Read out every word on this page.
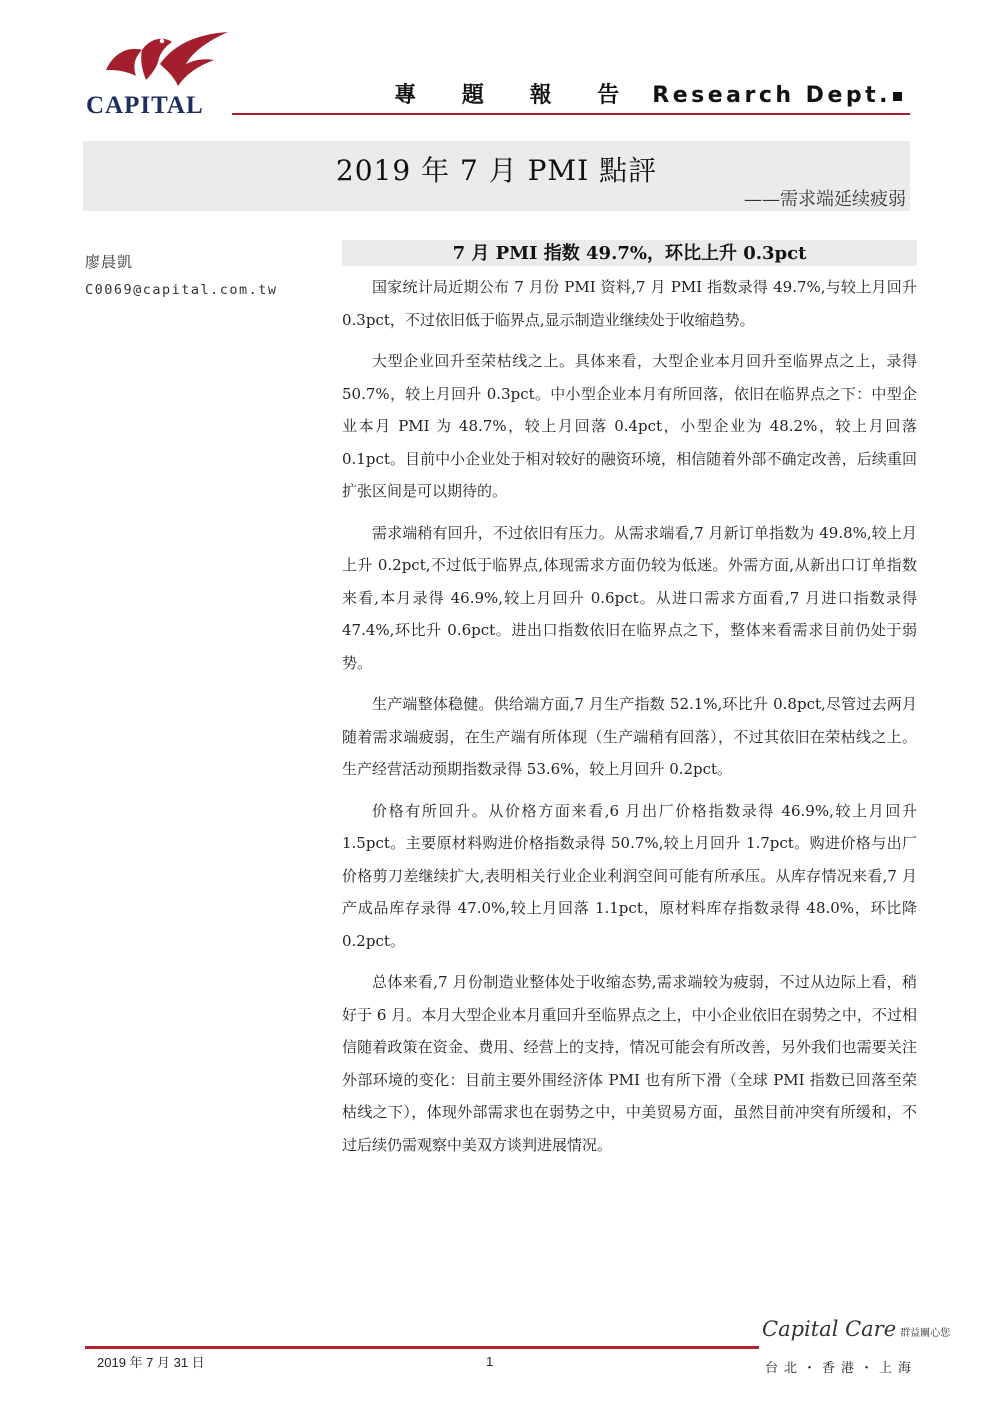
CAPITAL	專 題 報 告 Research Dept.
2019 年 7 月 PMI 點評
——需求端延续疲弱
廖晨凱
C0069@capital.com.tw
7 月 PMI 指数 49.7%，环比上升 0.3pct

国家统计局近期公布 7 月份 PMI 资料,7 月 PMI 指数录得 49.7%,与较上月回升 0.3pct，不过依旧低于临界点,显示制造业继续处于收缩趋势。

大型企业回升至荣枯线之上。具体来看，大型企业本月回升至临界点之上，录得 50.7%，较上月回升 0.3pct。中小型企业本月有所回落，依旧在临界点之下：中型企业本月 PMI 为 48.7%，较上月回落 0.4pct，小型企业为 48.2%，较上月回落 0.1pct。目前中小企业处于相对较好的融资环境，相信随着外部不确定改善，后续重回扩张区间是可以期待的。

需求端稍有回升，不过依旧有压力。从需求端看,7 月新订单指数为 49.8%,较上月上升 0.2pct,不过低于临界点,体现需求方面仍较为低迷。外需方面,从新出口订单指数来看,本月录得 46.9%,较上月回升 0.6pct。从进口需求方面看,7 月进口指数录得 47.4%,环比升 0.6pct。进出口指数依旧在临界点之下，整体来看需求目前仍处于弱势。

生产端整体稳健。供给端方面,7 月生产指数 52.1%,环比升 0.8pct,尽管过去两月随着需求端疲弱，在生产端有所体现（生产端稍有回落），不过其依旧在荣枯线之上。生产经营活动预期指数录得 53.6%，较上月回升 0.2pct。

价格有所回升。从价格方面来看,6 月出厂价格指数录得 46.9%,较上月回升 1.5pct。主要原材料购进价格指数录得 50.7%,较上月回升 1.7pct。购进价格与出厂价格剪刀差继续扩大,表明相关行业企业利润空间可能有所承压。从库存情况来看,7 月产成品库存录得 47.0%,较上月回落 1.1pct，原材料库存指数录得 48.0%，环比降 0.2pct。

总体来看,7 月份制造业整体处于收缩态势,需求端较为疲弱，不过从边际上看，稍好于 6 月。本月大型企业本月重回升至临界点之上，中小企业依旧在弱势之中，不过相信随着政策在资金、费用、经营上的支持，情况可能会有所改善，另外我们也需要关注外部环境的变化：目前主要外围经济体 PMI 也有所下滑（全球 PMI 指数已回落至荣枯线之下），体现外部需求也在弱势之中，中美贸易方面，虽然目前冲突有所缓和，不过后续仍需观察中美双方谈判进展情况。

2019 年 7 月 31 日	1
Capital Care 群益關心您
台北・香港・上海
